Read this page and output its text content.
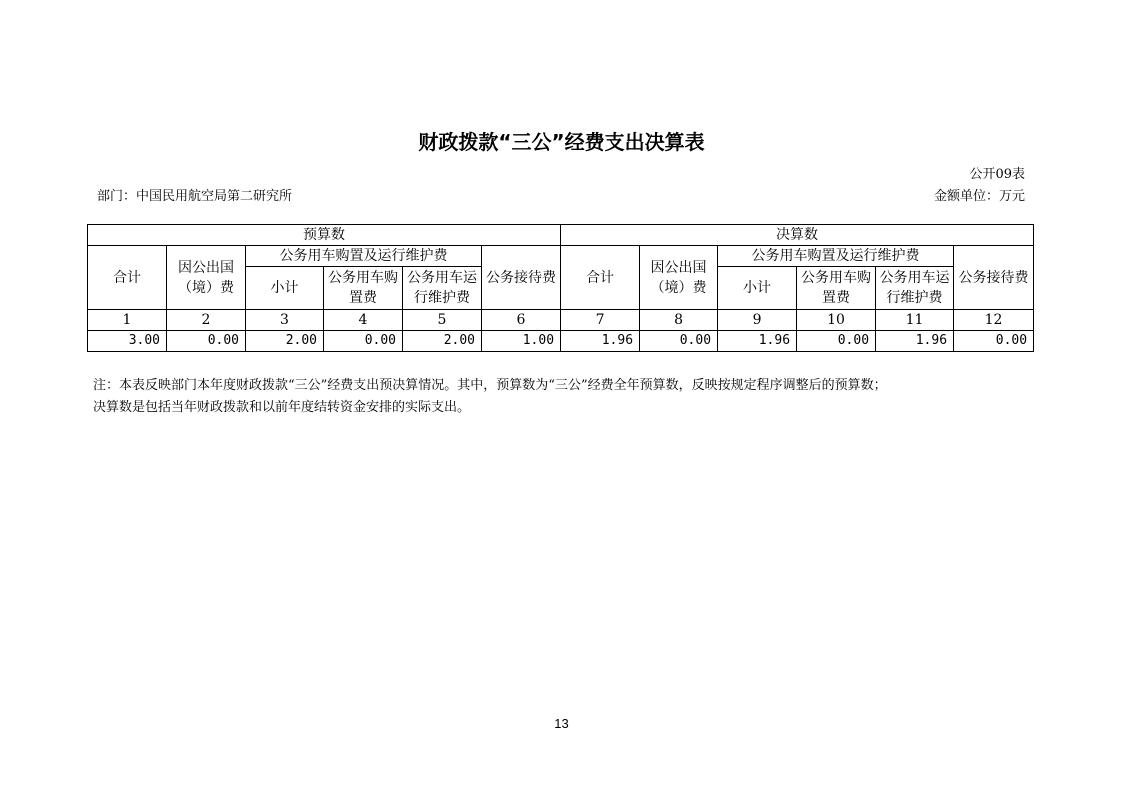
财政拨款“三公”经费支出决算表
公开09表
部门：中国民用航空局第二研究所	金额单位：万元
预算数						决算数					
合计	因公出国（境）费	公务用车购置及运行维护费			公务接待费	合计	因公出国（境）费	公务用车购置及运行维护费			公务接待费
		小计	公务用车购置费	公务用车运行维护费				小计	公务用车购置费	公务用车运行维护费	
1	2	3	4	5	6	7	8	9	10	11	12
3.00	0.00	2.00	0.00	2.00	1.00	1.96	0.00	1.96	0.00	1.96	0.00
注：本表反映部门本年度财政拨款“三公”经费支出预决算情况。其中，预算数为“三公”经费全年预算数，反映按规定程序调整后的预算数；
决算数是包括当年财政拨款和以前年度结转资金安排的实际支出。
13
